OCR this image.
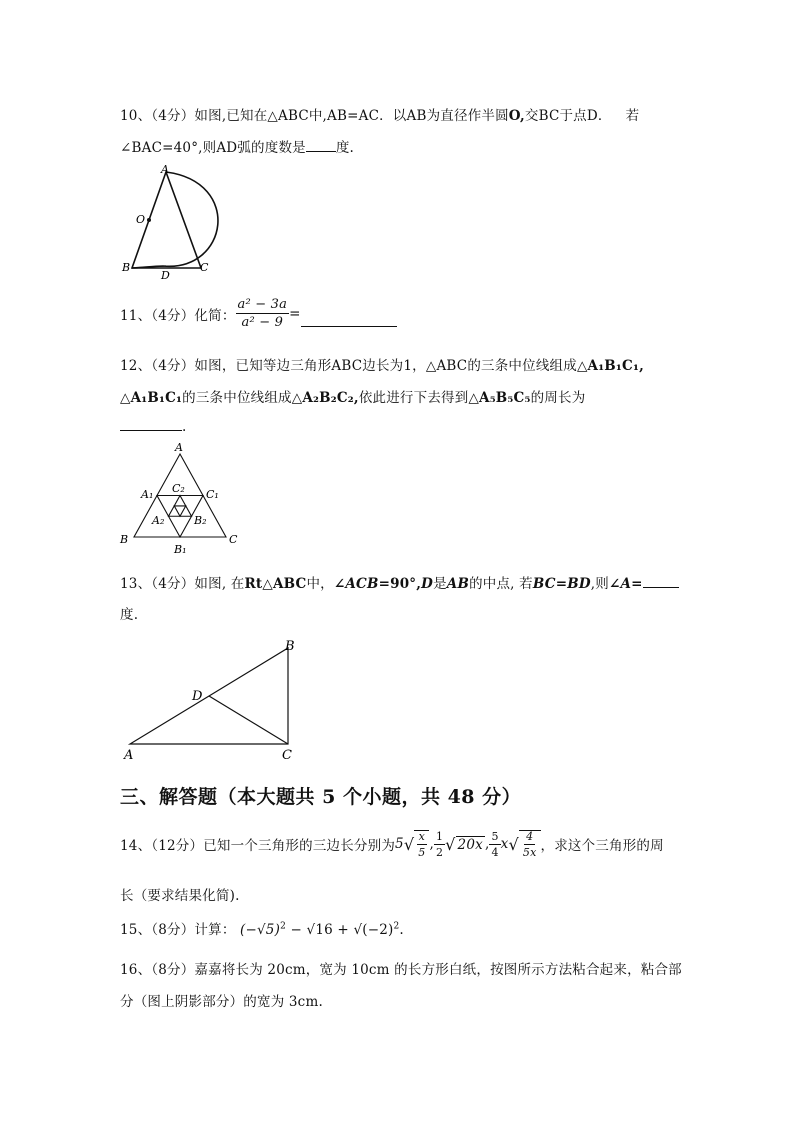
10、（4分）如图,已知在△ABC中,AB=AC．以AB为直径作半圆O,交BC于点D． 若
∠BAC=40°,则AD弧的度数是 度.
A
O
B
D
C
11、（4分） 化简： $\frac{\text{a² − 3a}}{\text{a² − 9}}$ =
12、（4分）如图，已知等边三角形ABC边长为1，△ABC的三条中位线组成△A₁B₁C₁,
△A₁B₁C₁的三条中位线组成△A₂B₂C₂,依此进行下去得到△A₅B₅C₅的周长为
.
A
A₁ C₂ C₁
A₂	B₂
B
B₁
C
13、（4分）如图, 在Rt△ABC中，∠ACB=90°,D是AB的中点, 若BC=BD,则∠A=
度.
B
D
A	C
三、解答题（本大题共 5 个小题，共 48 分）
14、（12分） 已知一个三角形的三边长分别为 5 √ $\frac{x}{5}$ , $\frac{1}{2}$ √ 20x , $\frac{5}{4}$ x √ $\frac{4}{5x}$ ，求这个三角形的周
长（要求结果化简).
15、（8分）计算： $(-√5)^2 - √16 + √(-2)^2$.
16、（8分）嘉嘉将长为 20cm，宽为 10cm 的长方形白纸，按图所示方法粘合起来，粘合部
分（图上阴影部分）的宽为 3cm.
